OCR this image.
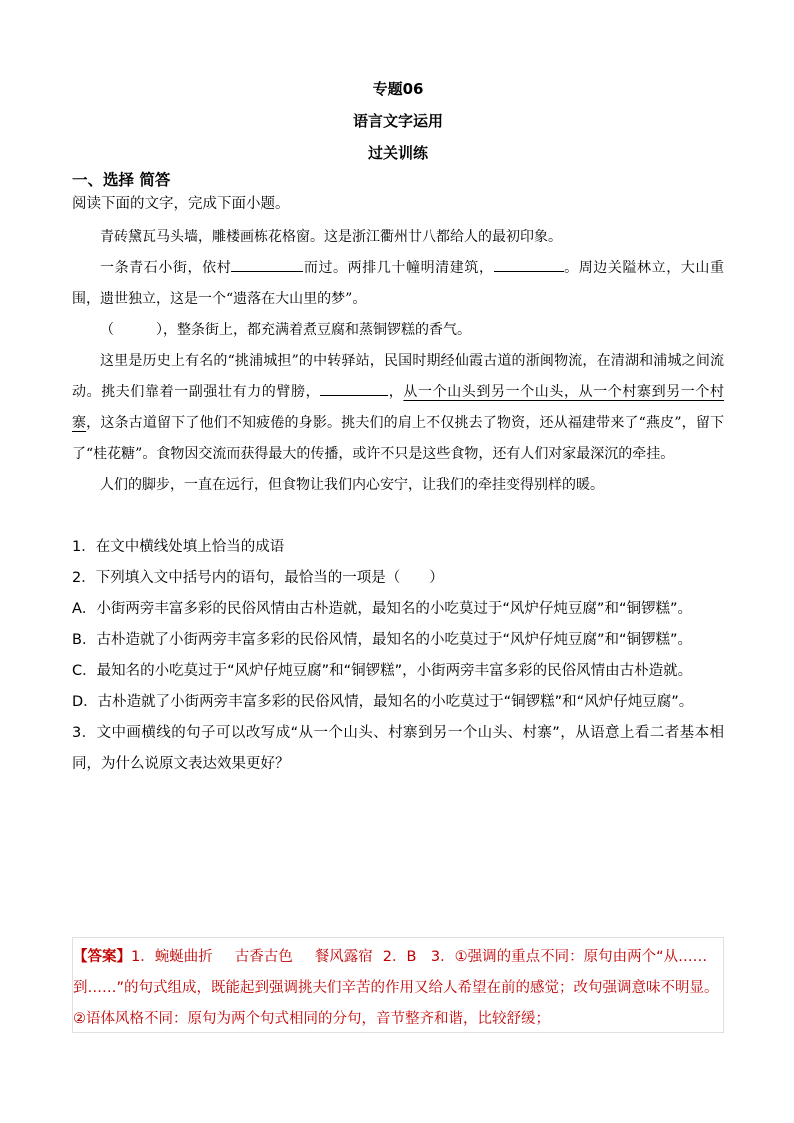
专题06
语言文字运用
过关训练
一、选择 简答
阅读下面的文字，完成下面小题。

青砖黛瓦马头墙，雕楼画栋花格窗。这是浙江衢州廿八都给人的最初印象。

一条青石小街，依村	而过。两排几十幢明清建筑，	。周边关隘林立，大山重围，遗世独立，这是一个“遗落在大山里的梦”。

（	），整条街上，都充满着煮豆腐和蒸铜锣糕的香气。

这里是历史上有名的“挑浦城担”的中转驿站，民国时期经仙霞古道的浙闽物流，在清湖和浦城之间流动。挑夫们靠着一副强壮有力的臂膀，	，从一个山头到另一个山头，从一个村寨到另一个村寨，这条古道留下了他们不知疲倦的身影。挑夫们的肩上不仅挑去了物资，还从福建带来了“燕皮”，留下了“桂花糖”。食物因交流而获得最大的传播，或许不只是这些食物，还有人们对家最深沉的牵挂。

人们的脚步，一直在远行，但食物让我们内心安宁，让我们的牵挂变得别样的暖。

1．在文中横线处填上恰当的成语
2．下列填入文中括号内的语句，最恰当的一项是（　　）
A．小街两旁丰富多彩的民俗风情由古朴造就，最知名的小吃莫过于“风炉仔炖豆腐”和“铜锣糕”。
B．古朴造就了小街两旁丰富多彩的民俗风情，最知名的小吃莫过于“风炉仔炖豆腐”和“铜锣糕”。
C．最知名的小吃莫过于“风炉仔炖豆腐”和“铜锣糕”，小街两旁丰富多彩的民俗风情由古朴造就。
D．古朴造就了小街两旁丰富多彩的民俗风情，最知名的小吃莫过于“铜锣糕”和“风炉仔炖豆腐”。
3．文中画横线的句子可以改写成“从一个山头、村寨到另一个山头、村寨”，从语意上看二者基本相同，为什么说原文表达效果更好？
【答案】1．蜿蜒曲折 古香古色 餐风露宿 2．B　3．①强调的重点不同：原句由两个“从……到……”的句式组成，既能起到强调挑夫们辛苦的作用又给人希望在前的感觉；改句强调意味不明显。②语体风格不同：原句为两个句式相同的分句，音节整齐和谐，比较舒缓；
